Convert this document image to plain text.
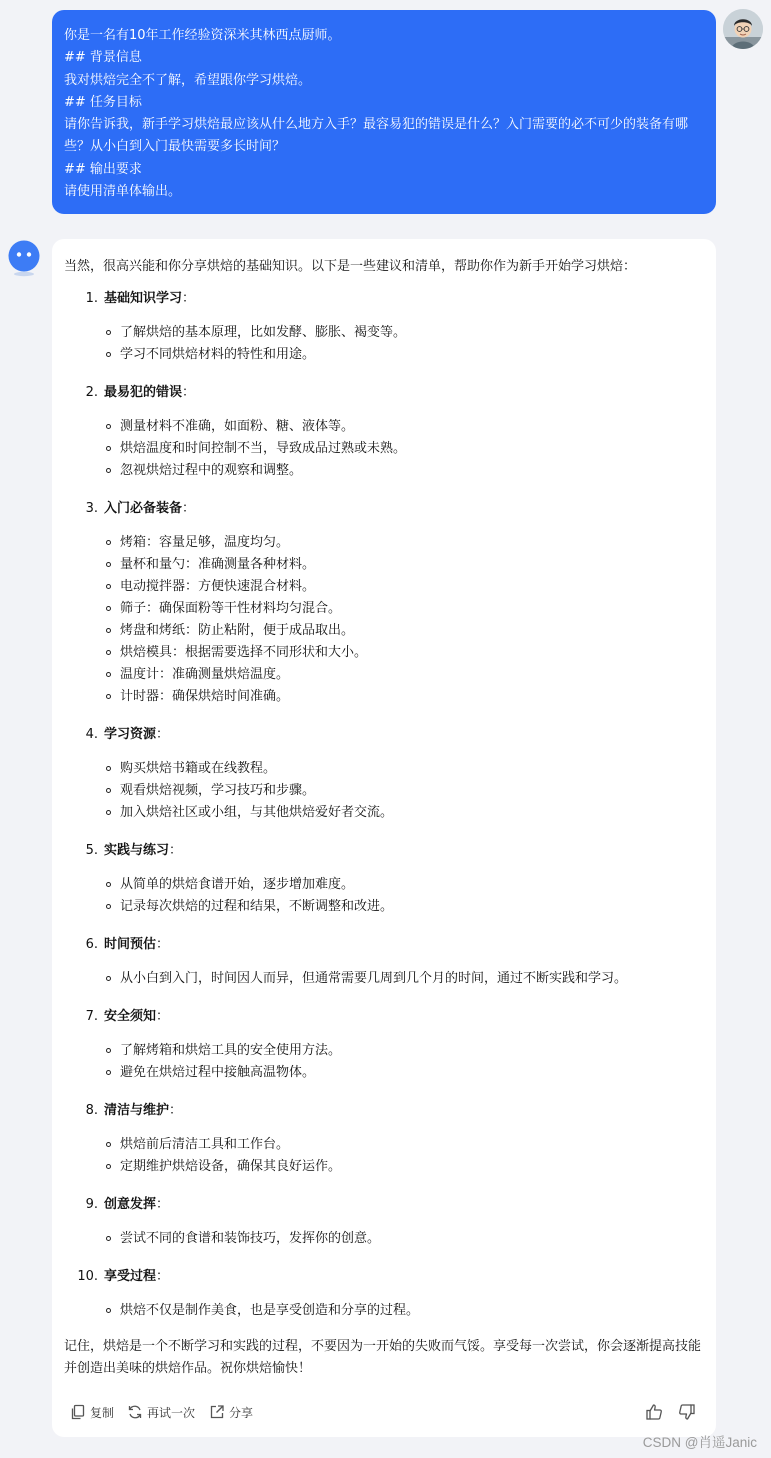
你是一名有10年工作经验资深米其林西点厨师。
## 背景信息
我对烘焙完全不了解，希望跟你学习烘焙。
## 任务目标
请你告诉我，新手学习烘焙最应该从什么地方入手？最容易犯的错误是什么？入门需要的必不可少的装备有哪些？从小白到入门最快需要多长时间？
## 输出要求
请使用清单体输出。
当然，很高兴能和你分享烘焙的基础知识。以下是一些建议和清单，帮助你作为新手开始学习烘焙：
1. 基础知识学习：
了解烘焙的基本原理，比如发酵、膨胀、褐变等。
学习不同烘焙材料的特性和用途。
2. 最易犯的错误：
测量材料不准确，如面粉、糖、液体等。
烘焙温度和时间控制不当，导致成品过熟或未熟。
忽视烘焙过程中的观察和调整。
3. 入门必备装备：
烤箱：容量足够，温度均匀。
量杯和量勺：准确测量各种材料。
电动搅拌器：方便快速混合材料。
筛子：确保面粉等干性材料均匀混合。
烤盘和烤纸：防止粘附，便于成品取出。
烘焙模具：根据需要选择不同形状和大小。
温度计：准确测量烘焙温度。
计时器：确保烘焙时间准确。
4. 学习资源：
购买烘焙书籍或在线教程。
观看烘焙视频，学习技巧和步骤。
加入烘焙社区或小组，与其他烘焙爱好者交流。
5. 实践与练习：
从简单的烘焙食谱开始，逐步增加难度。
记录每次烘焙的过程和结果，不断调整和改进。
6. 时间预估：
从小白到入门，时间因人而异，但通常需要几周到几个月的时间，通过不断实践和学习。
7. 安全须知：
了解烤箱和烘焙工具的安全使用方法。
避免在烘焙过程中接触高温物体。
8. 清洁与维护：
烘焙前后清洁工具和工作台。
定期维护烘焙设备，确保其良好运作。
9. 创意发挥：
尝试不同的食谱和装饰技巧，发挥你的创意。
10. 享受过程：
烘焙不仅是制作美食，也是享受创造和分享的过程。
记住，烘焙是一个不断学习和实践的过程，不要因为一开始的失败而气馁。享受每一次尝试，你会逐渐提高技能并创造出美味的烘焙作品。祝你烘焙愉快！
复制	再试一次	分享
CSDN @肖遥Janic
